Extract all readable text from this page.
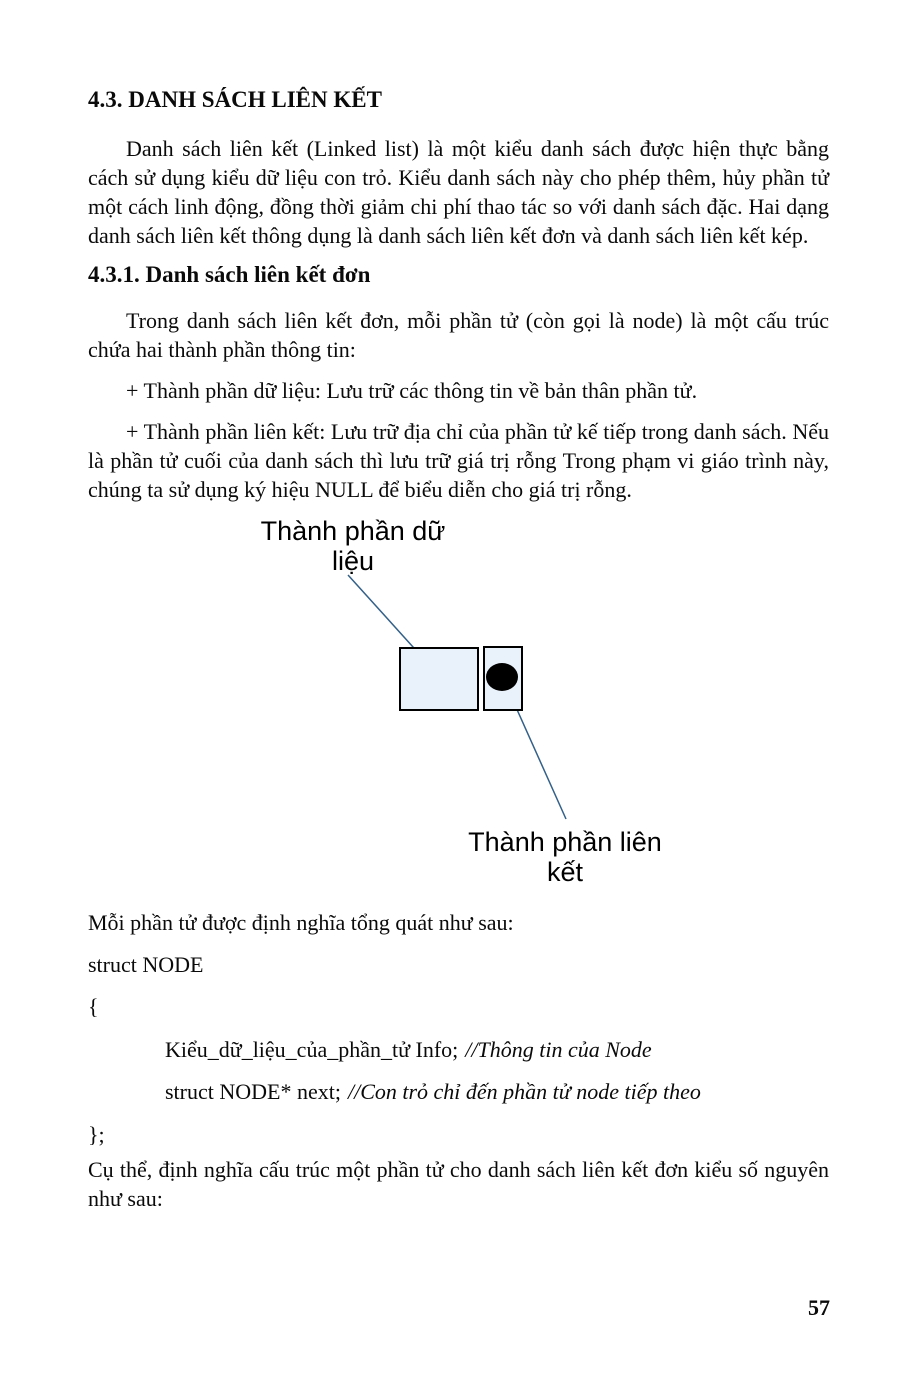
4.3. DANH SÁCH LIÊN KẾT

Danh sách liên kết (Linked list) là một kiểu danh sách được hiện thực bằng cách sử dụng kiểu dữ liệu con trỏ. Kiểu danh sách này cho phép thêm, hủy phần tử một cách linh động, đồng thời giảm chi phí thao tác so với danh sách đặc. Hai dạng danh sách liên kết thông dụng là danh sách liên kết đơn và danh sách liên kết kép.

4.3.1. Danh sách liên kết đơn

Trong danh sách liên kết đơn, mỗi phần tử (còn gọi là node) là một cấu trúc chứa hai thành phần thông tin:

+ Thành phần dữ liệu: Lưu trữ các thông tin về bản thân phần tử.

+ Thành phần liên kết: Lưu trữ địa chỉ của phần tử kế tiếp trong danh sách. Nếu là phần tử cuối của danh sách thì lưu trữ giá trị rỗng Trong phạm vi giáo trình này, chúng ta sử dụng ký hiệu NULL để biểu diễn cho giá trị rỗng.

Thành phần dữ liệu
Thành phần liên kết

Mỗi phần tử được định nghĩa tổng quát như sau:

struct NODE

{

Kiểu_dữ_liệu_của_phần_tử Info; //Thông tin của Node

struct NODE* next; //Con trỏ chỉ đến phần tử node tiếp theo

};

Cụ thể, định nghĩa cấu trúc một phần tử cho danh sách liên kết đơn kiểu số nguyên như sau:

57
